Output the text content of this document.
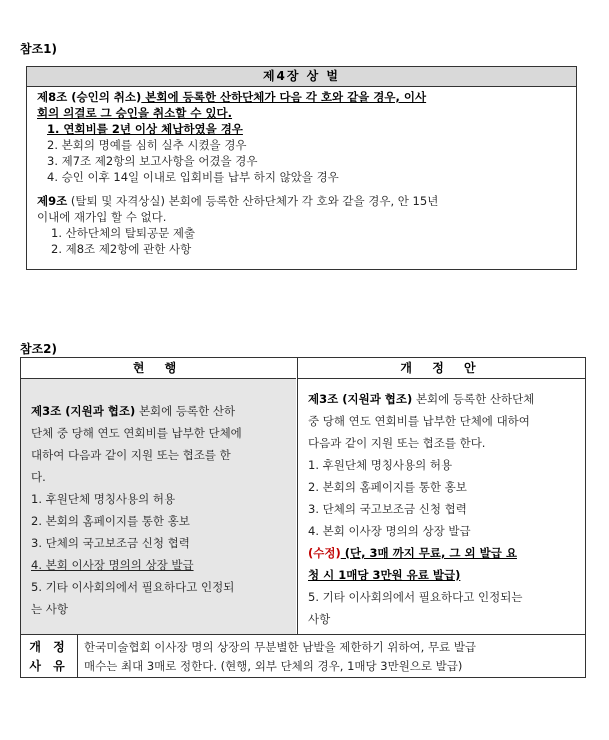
참조1)
제4장 상 벌
제8조 (승인의 취소) 본회에 등록한 산하단체가 다음 각 호와 같을 경우, 이사
회의 의결로 그 승인을 취소할 수 있다.
1. 연회비를 2년 이상 체납하였을 경우
2. 본회의 명예를 심히 실추 시켰을 경우
3. 제7조 제2항의 보고사항을 어겼을 경우
4. 승인 이후 14일 이내로 입회비를 납부 하지 않았을 경우
제9조 (탈퇴 및 자격상실) 본회에 등록한 산하단체가 각 호와 같을 경우, 안 15년
이내에 재가입 할 수 없다.
1. 산하단체의 탈퇴공문 제출
2. 제8조 제2항에 관한 사항
참조2)
현 행	개 정 안
제3조 (지원과 협조) 본회에 등록한 산하
단체 중 당해 연도 연회비를 납부한 단체에
대하여 다음과 같이 지원 또는 협조를 한
다.
1. 후원단체 명칭사용의 허용
2. 본회의 홈페이지를 통한 홍보
3. 단체의 국고보조금 신청 협력
4. 본회 이사장 명의의 상장 발급
5. 기타 이사회의에서 필요하다고 인정되
는 사항
제3조 (지원과 협조) 본회에 등록한 산하단체
중 당해 연도 연회비를 납부한 단체에 대하여
다음과 같이 지원 또는 협조를 한다.
1. 후원단체 명칭사용의 허용
2. 본회의 홈페이지를 통한 홍보
3. 단체의 국고보조금 신청 협력
4. 본회 이사장 명의의 상장 발급
(수정) (단, 3매 까지 무료, 그 외 발급 요
청 시 1매당 3만원 유료 발급)
5. 기타 이사회의에서 필요하다고 인정되는
사항
개 정
사 유
한국미술협회 이사장 명의 상장의 무분별한 남발을 제한하기 위하여, 무료 발급
매수는 최대 3매로 정한다. (현행, 외부 단체의 경우, 1매당 3만원으로 발급)
